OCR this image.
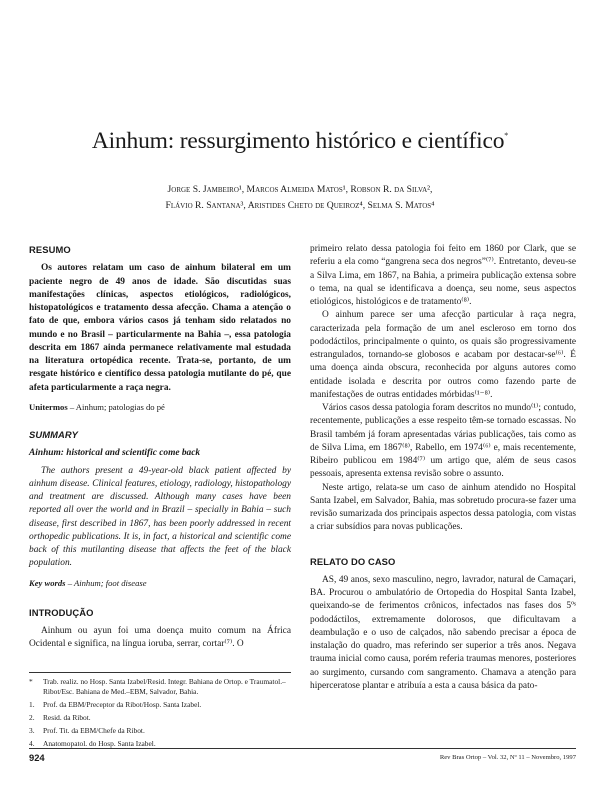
Ainhum: ressurgimento histórico e científico*
Jorge S. Jambeiro¹, Marcos Almeida Matos¹, Robson R. da Silva²,
Flávio R. Santana³, Aristides Cheto de Queiroz⁴, Selma S. Matos⁴
RESUMO

Os autores relatam um caso de ainhum bilateral em um paciente negro de 49 anos de idade. São discutidas suas manifestações clínicas, aspectos etiológicos, radiológicos, histopatológicos e tratamento dessa afecção. Chama a atenção o fato de que, embora vários casos já tenham sido relatados no mundo e no Brasil – particularmente na Bahia –, essa patologia descrita em 1867 ainda permanece relativamente mal estudada na literatura ortopédica recente. Trata-se, portanto, de um resgate histórico e científico dessa patologia mutilante do pé, que afeta particularmente a raça negra.

Unitermos – Ainhum; patologias do pé
SUMMARY
Ainhum: historical and scientific come back

The authors present a 49-year-old black patient affected by ainhum disease. Clinical features, etiology, radiology, histopathology and treatment are discussed. Although many cases have been reported all over the world and in Brazil – specially in Bahia – such disease, first described in 1867, has been poorly addressed in recent orthopedic publications. It is, in fact, a historical and scientific come back of this mutilanting disease that affects the feet of the black population.

Key words – Ainhum; foot disease
INTRODUÇÃO

Ainhum ou ayun foi uma doença muito comum na África Ocidental e significa, na língua ioruba, serrar, cortar⁽⁷⁾. O

*	Trab. realiz. no Hosp. Santa Izabel/Resid. Integr. Bahiana de Ortop. e Traumatol.–Ribot/Esc. Bahiana de Med.–EBM, Salvador, Bahia.
1.	Prof. da EBM/Preceptor da Ribot/Hosp. Santa Izabel.
2.	Resid. da Ribot.
3.	Prof. Tit. da EBM/Chefe da Ribot.
4.	Anatomopatol. do Hosp. Santa Izabel.

primeiro relato dessa patologia foi feito em 1860 por Clark, que se referiu a ela como “gangrena seca dos negros”⁽⁷⁾. Entretanto, deveu-se a Silva Lima, em 1867, na Bahia, a primeira publicação extensa sobre o tema, na qual se identificava a doença, seu nome, seus aspectos etiológicos, histológicos e de tratamento⁽⁸⁾.

O ainhum parece ser uma afecção particular à raça negra, caracterizada pela formação de um anel escleroso em torno dos pododáctilos, principalmente o quinto, os quais são progressivamente estrangulados, tornando-se globosos e acabam por destacar-se⁽⁶⁾. É uma doença ainda obscura, reconhecida por alguns autores como entidade isolada e descrita por outros como fazendo parte de manifestações de outras entidades mórbidas⁽¹⁻⁸⁾.

Vários casos dessa patologia foram descritos no mundo⁽¹⁾; contudo, recentemente, publicações a esse respeito têm-se tornado escassas. No Brasil também já foram apresentadas várias publicações, tais como as de Silva Lima, em 1867⁽⁸⁾, Rabello, em 1974⁽⁶⁾ e, mais recentemente, Ribeiro publicou em 1984⁽⁷⁾ um artigo que, além de seus casos pessoais, apresenta extensa revisão sobre o assunto.

Neste artigo, relata-se um caso de ainhum atendido no Hospital Santa Izabel, em Salvador, Bahia, mas sobretudo procura-se fazer uma revisão sumarizada dos principais aspectos dessa patologia, com vistas a criar subsídios para novas publicações.

RELATO DO CASO

AS, 49 anos, sexo masculino, negro, lavrador, natural de Camaçari, BA. Procurou o ambulatório de Ortopedia do Hospital Santa Izabel, queixando-se de ferimentos crônicos, infectados nas fases dos 5ºˢ pododáctilos, extremamente dolorosos, que dificultavam a deambulação e o uso de calçados, não sabendo precisar a época de instalação do quadro, mas referindo ser superior a três anos. Negava trauma inicial como causa, porém referia traumas menores, posteriores ao surgimento, cursando com sangramento. Chamava a atenção para hiperceratose plantar e atribuía a esta a causa básica da pato-

924	Rev Bras Ortop – Vol. 32, Nº 11 – Novembro, 1997
